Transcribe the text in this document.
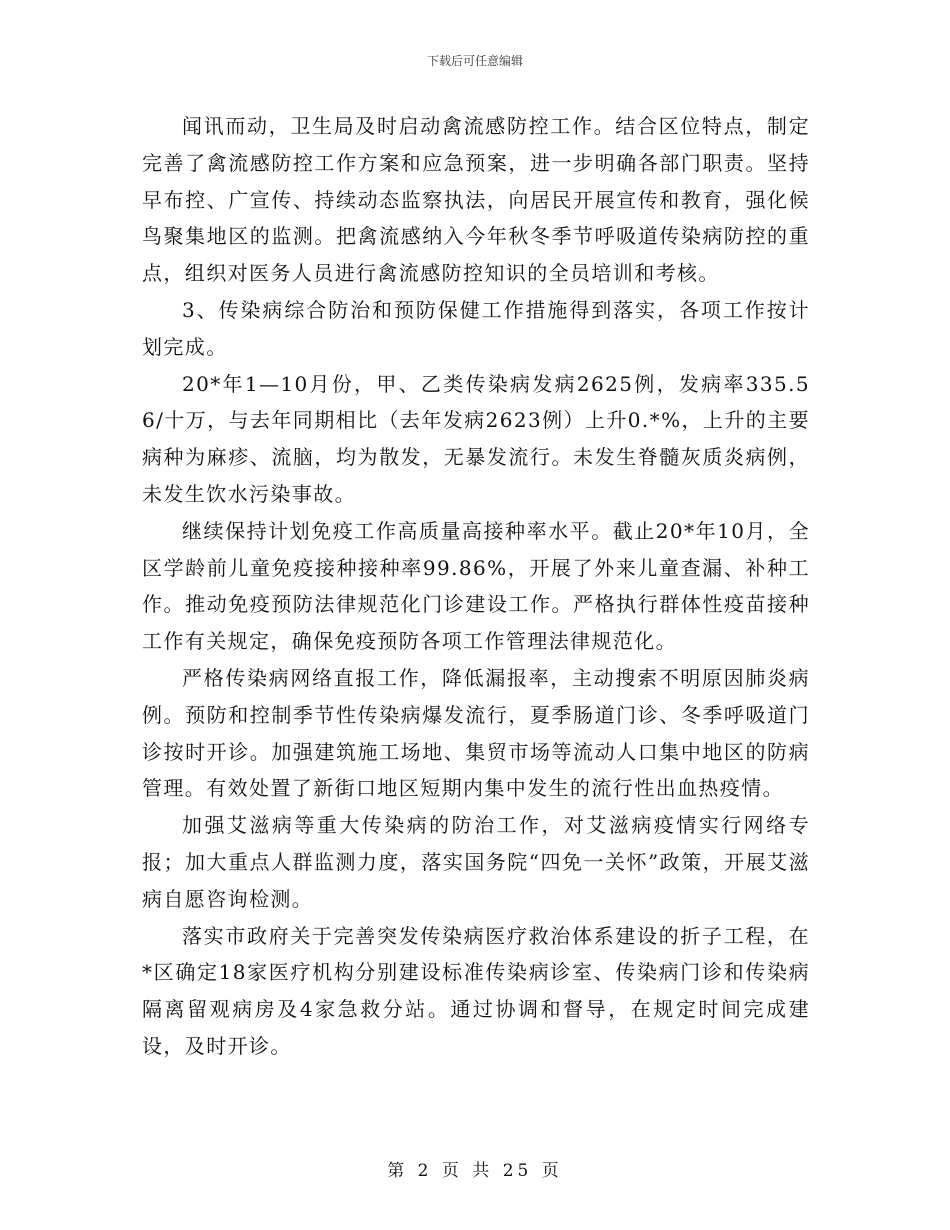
下载后可任意编辑

闻讯而动，卫生局及时启动禽流感防控工作。结合区位特点，制定完善了禽流感防控工作方案和应急预案，进一步明确各部门职责。坚持早布控、广宣传、持续动态监察执法，向居民开展宣传和教育，强化候鸟聚集地区的监测。把禽流感纳入今年秋冬季节呼吸道传染病防控的重点，组织对医务人员进行禽流感防控知识的全员培训和考核。

3、传染病综合防治和预防保健工作措施得到落实，各项工作按计划完成。

20*年1—10月份，甲、乙类传染病发病2625例，发病率335.56/十万，与去年同期相比（去年发病2623例）上升0.*%，上升的主要病种为麻疹、流脑，均为散发，无暴发流行。未发生脊髓灰质炎病例，未发生饮水污染事故。

继续保持计划免疫工作高质量高接种率水平。截止20*年10月，全区学龄前儿童免疫接种接种率99.86%，开展了外来儿童查漏、补种工作。推动免疫预防法律规范化门诊建设工作。严格执行群体性疫苗接种工作有关规定，确保免疫预防各项工作管理法律规范化。

严格传染病网络直报工作，降低漏报率，主动搜索不明原因肺炎病例。预防和控制季节性传染病爆发流行，夏季肠道门诊、冬季呼吸道门诊按时开诊。加强建筑施工场地、集贸市场等流动人口集中地区的防病管理。有效处置了新街口地区短期内集中发生的流行性出血热疫情。

加强艾滋病等重大传染病的防治工作，对艾滋病疫情实行网络专报；加大重点人群监测力度，落实国务院“四免一关怀”政策，开展艾滋病自愿咨询检测。

落实市政府关于完善突发传染病医疗救治体系建设的折子工程，在*区确定18家医疗机构分别建设标准传染病诊室、传染病门诊和传染病隔离留观病房及4家急救分站。通过协调和督导，在规定时间完成建设，及时开诊。

第 2 页 共 25 页
